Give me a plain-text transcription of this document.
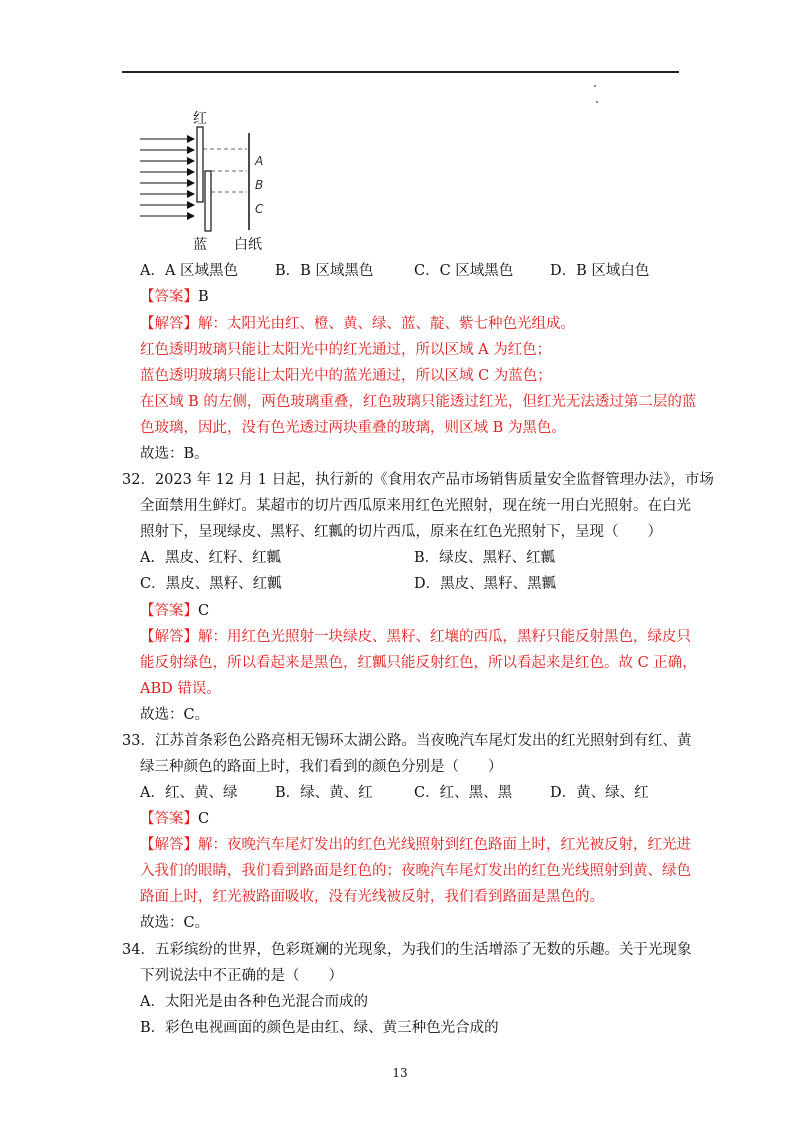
红
蓝 白纸
A
B
C
A．A 区域黑色	B．B 区域黑色	C．C 区域黑色	D．B 区域白色
【答案】B
【解答】解：太阳光由红、橙、黄、绿、蓝、靛、紫七种色光组成。
红色透明玻璃只能让太阳光中的红光通过，所以区域 A 为红色；
蓝色透明玻璃只能让太阳光中的蓝光通过，所以区域 C 为蓝色；
在区域 B 的左侧，两色玻璃重叠，红色玻璃只能透过红光，但红光无法透过第二层的蓝
色玻璃，因此，没有色光透过两块重叠的玻璃，则区域 B 为黑色。
故选：B。
32．2023 年 12 月 1 日起，执行新的《食用农产品市场销售质量安全监督管理办法》，市场
全面禁用生鲜灯。某超市的切片西瓜原来用红色光照射，现在统一用白光照射。在白光
照射下，呈现绿皮、黑籽、红瓤的切片西瓜，原来在红色光照射下，呈现（　　）
A．黑皮、红籽、红瓤	B．绿皮、黑籽、红瓤
C．黑皮、黑籽、红瓤	D．黑皮、黑籽、黑瓤
【答案】C
【解答】解：用红色光照射一块绿皮、黑籽、红壤的西瓜，黑籽只能反射黑色，绿皮只
能反射绿色，所以看起来是黑色，红瓤只能反射红色，所以看起来是红色。故 C 正确，
ABD 错误。
故选：C。
33．江苏首条彩色公路亮相无锡环太湖公路。当夜晚汽车尾灯发出的红光照射到有红、黄
绿三种颜色的路面上时，我们看到的颜色分别是（　　）
A．红、黄、绿	B．绿、黄、红	C．红、黑、黑	D．黄、绿、红
【答案】C
【解答】解：夜晚汽车尾灯发出的红色光线照射到红色路面上时，红光被反射，红光进
入我们的眼睛，我们看到路面是红色的；夜晚汽车尾灯发出的红色光线照射到黄、绿色
路面上时，红光被路面吸收，没有光线被反射，我们看到路面是黑色的。
故选：C。
34．五彩缤纷的世界，色彩斑斓的光现象，为我们的生活增添了无数的乐趣。关于光现象
下列说法中不正确的是（　　）
A．太阳光是由各种色光混合而成的
B．彩色电视画面的颜色是由红、绿、黄三种色光合成的
13
